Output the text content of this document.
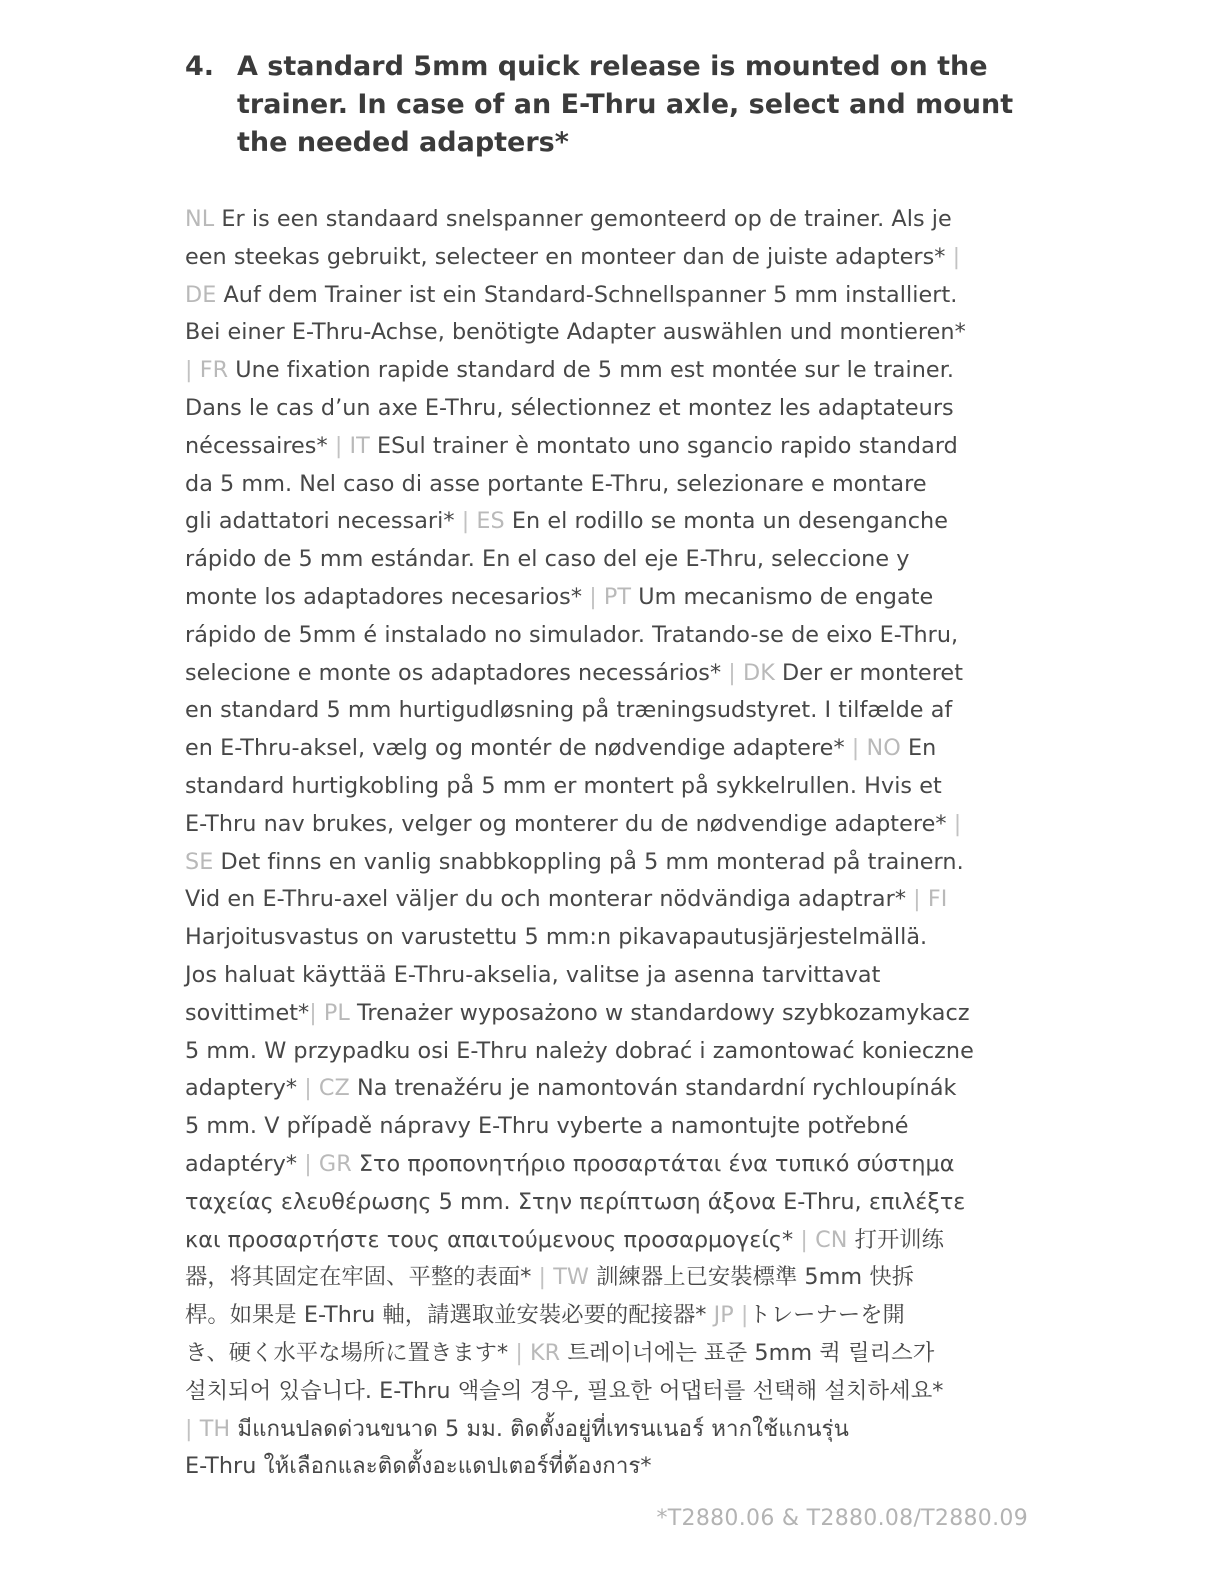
4. A standard 5mm quick release is mounted on the trainer. In case of an E-Thru axle, select and mount the needed adapters*
NL Er is een standaard snelspanner gemonteerd op de trainer. Als je
een steekas gebruikt, selecteer en monteer dan de juiste adapters* |
DE Auf dem Trainer ist ein Standard-Schnellspanner 5 mm installiert.
Bei einer E-Thru-Achse, benötigte Adapter auswählen und montieren*
| FR Une fixation rapide standard de 5 mm est montée sur le trainer.
Dans le cas d’un axe E-Thru, sélectionnez et montez les adaptateurs
nécessaires* | IT ESul trainer è montato uno sgancio rapido standard
da 5 mm. Nel caso di asse portante E-Thru, selezionare e montare
gli adattatori necessari* | ES En el rodillo se monta un desenganche
rápido de 5 mm estándar. En el caso del eje E-Thru, seleccione y
monte los adaptadores necesarios* | PT Um mecanismo de engate
rápido de 5mm é instalado no simulador. Tratando-se de eixo E-Thru,
selecione e monte os adaptadores necessários* | DK Der er monteret
en standard 5 mm hurtigudløsning på træningsudstyret. I tilfælde af
en E-Thru-aksel, vælg og montér de nødvendige adaptere* | NO En
standard hurtigkobling på 5 mm er montert på sykkelrullen. Hvis et
E-Thru nav brukes, velger og monterer du de nødvendige adaptere* |
SE Det finns en vanlig snabbkoppling på 5 mm monterad på trainern.
Vid en E-Thru-axel väljer du och monterar nödvändiga adaptrar* | FI
Harjoitusvastus on varustettu 5 mm:n pikavapautusjärjestelmällä.
Jos haluat käyttää E-Thru-akselia, valitse ja asenna tarvittavat
sovittimet*| PL Trenażer wyposażono w standardowy szybkozamykacz
5 mm. W przypadku osi E-Thru należy dobrać i zamontować konieczne
adaptery* | CZ Na trenažéru je namontován standardní rychloupínák
5 mm. V případě nápravy E-Thru vyberte a namontujte potřebné
adaptéry* | GR Στο προπονητήριο προσαρτάται ένα τυπικό σύστημα
ταχείας ελευθέρωσης 5 mm. Στην περίπτωση άξονα E-Thru, επιλέξτε
και προσαρτήστε τους απαιτούμενους προσαρμογείς* | CN 打开训练
器，将其固定在牢固、平整的表面* | TW 訓練器上已安裝標準 5mm 快拆
桿。如果是 E-Thru 軸，請選取並安裝必要的配接器* JP |トレーナーを開
き、硬く水平な場所に置きます* | KR 트레이너에는 표준 5mm 퀵 릴리스가
설치되어 있습니다. E-Thru 액슬의 경우, 필요한 어댑터를 선택해 설치하세요*
| TH มีแกนปลดด่วนขนาด 5 มม. ติดตั้งอยู่ที่เทรนเนอร์ หากใช้แกนรุ่น
E-Thru ให้เลือกและติดตั้งอะแดปเตอร์ที่ต้องการ*
*T2880.06 & T2880.08/T2880.09
